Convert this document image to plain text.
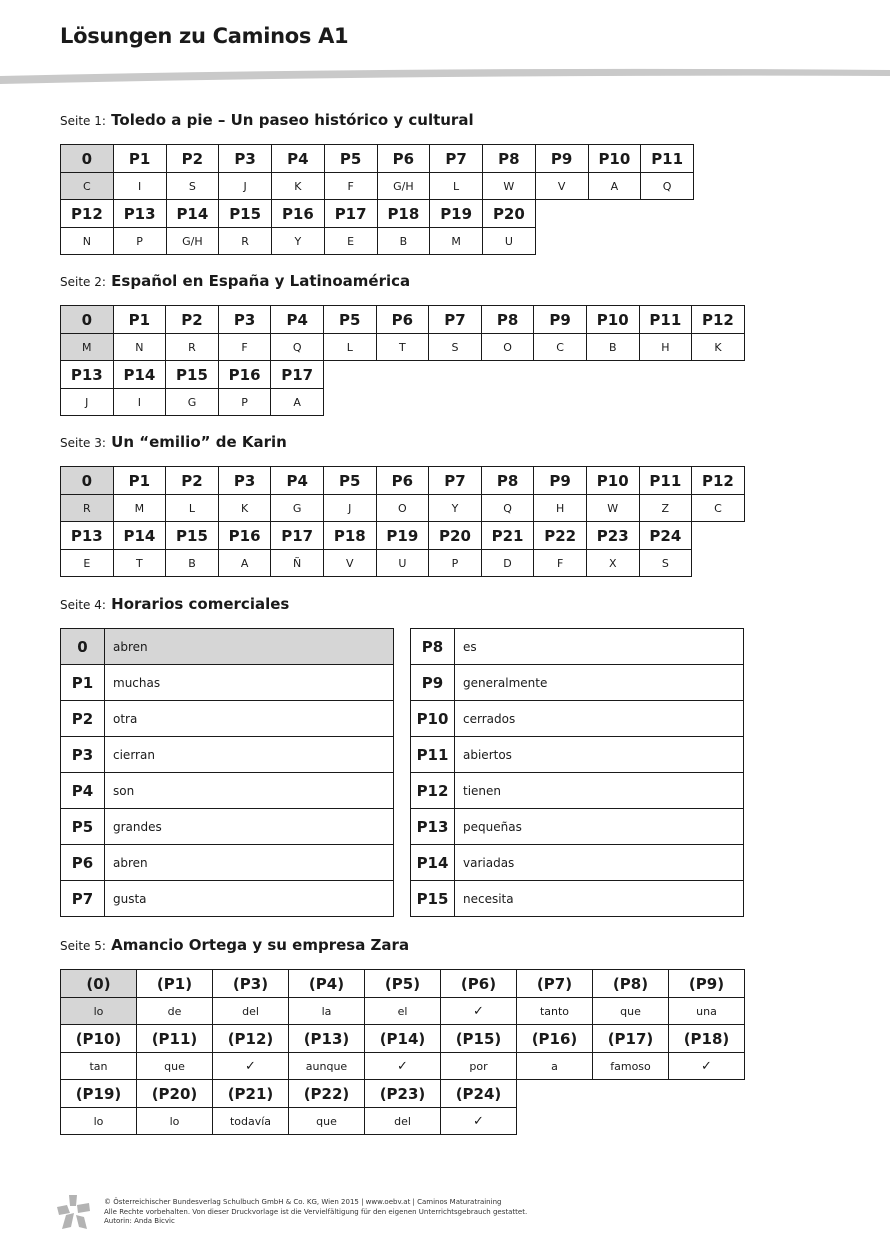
Lösungen zu Caminos A1
Seite 1: Toledo a pie – Un paseo histórico y cultural
0	P1	P2	P3	P4	P5	P6	P7	P8	P9	P10	P11
C	I	S	J	K	F	G/H	L	W	V	A	Q
P12	P13	P14	P15	P16	P17	P18	P19	P20			
N	P	G/H	R	Y	E	B	M	U			
Seite 2: Español en España y Latinoamérica
0	P1	P2	P3	P4	P5	P6	P7	P8	P9	P10	P11	P12
M	N	R	F	Q	L	T	S	O	C	B	H	K
P13	P14	P15	P16	P17								
J	I	G	P	A								
Seite 3: Un “emilio” de Karin
0	P1	P2	P3	P4	P5	P6	P7	P8	P9	P10	P11	P12
R	M	L	K	G	J	O	Y	Q	H	W	Z	C
P13	P14	P15	P16	P17	P18	P19	P20	P21	P22	P23	P24	
E	T	B	A	Ñ	V	U	P	D	F	X	S	
Seite 4: Horarios comerciales
0	abren
P1	muchas
P2	otra
P3	cierran
P4	son
P5	grandes
P6	abren
P7	gusta
P8	es
P9	generalmente
P10	cerrados
P11	abiertos
P12	tienen
P13	pequeñas
P14	variadas
P15	necesita
Seite 5: Amancio Ortega y su empresa Zara
(0)	(P1)	(P3)	(P4)	(P5)	(P6)	(P7)	(P8)	(P9)
lo	de	del	la	el	✓	tanto	que	una
(P10)	(P11)	(P12)	(P13)	(P14)	(P15)	(P16)	(P17)	(P18)
tan	que	✓	aunque	✓	por	a	famoso	✓
(P19)	(P20)	(P21)	(P22)	(P23)	(P24)			
lo	lo	todavía	que	del	✓			
© Österreichischer Bundesverlag Schulbuch GmbH & Co. KG, Wien 2015 | www.oebv.at | Caminos Maturatraining
Alle Rechte vorbehalten. Von dieser Druckvorlage ist die Vervielfältigung für den eigenen Unterrichtsgebrauch gestattet.
Autorin: Anda Bicvic
